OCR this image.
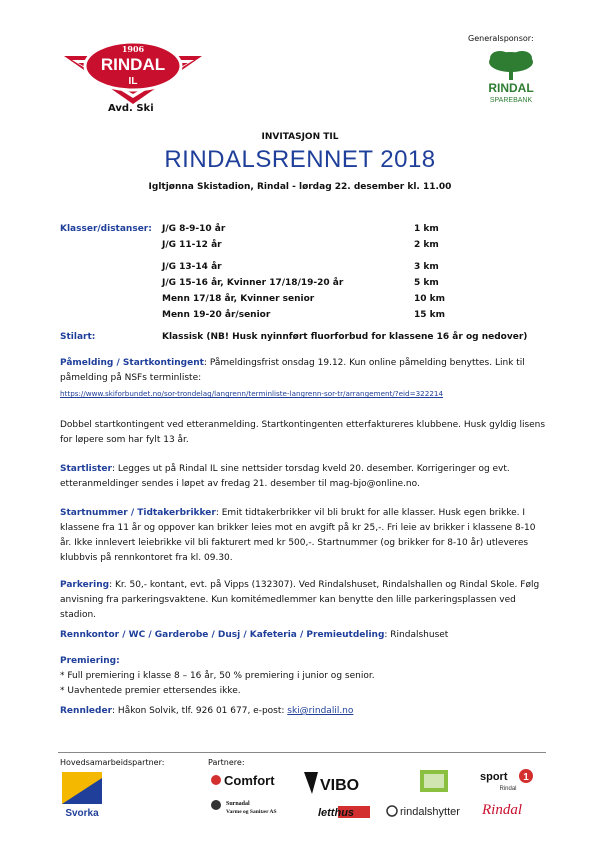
1906
RINDAL
IL
Avd. Ski
Generalsponsor:
RINDAL
SPAREBANK
INVITASJON TIL
RINDALSRENNET 2018
Igltjønna Skistadion, Rindal - lørdag 22. desember kl. 11.00
Klasser/distanser: J/G 8-9-10 år	1 km
J/G 11-12 år	2 km
J/G 13-14 år	3 km
J/G 15-16 år, Kvinner 17/18/19-20 år	5 km
Menn 17/18 år, Kvinner senior	10 km
Menn 19-20 år/senior	15 km
Stilart:	Klassisk (NB! Husk nyinnført fluorforbud for klassene 16 år og nedover)
Påmelding / Startkontingent: Påmeldingsfrist onsdag 19.12. Kun online påmelding benyttes. Link til
påmelding på NSFs terminliste:
https://www.skiforbundet.no/sor-trondelag/langrenn/terminliste-langrenn-sor-tr/arrangement/?eid=322214
Dobbel startkontingent ved etteranmelding. Startkontingenten etterfaktureres klubbene. Husk gyldig lisens for løpere som har fylt 13 år.
Startlister: Legges ut på Rindal IL sine nettsider torsdag kveld 20. desember. Korrigeringer og evt. etteranmeldinger sendes i løpet av fredag 21. desember til mag-bjo@online.no.
Startnummer / Tidtakerbrikker: Emit tidtakerbrikker vil bli brukt for alle klasser. Husk egen brikke. I klassene fra 11 år og oppover kan brikker leies mot en avgift på kr 25,-. Fri leie av brikker i klassene 8-10 år. Ikke innlevert leiebrikke vil bli fakturert med kr 500,-. Startnummer (og brikker for 8-10 år) utleveres klubbvis på rennkontoret fra kl. 09.30.
Parkering: Kr. 50,- kontant, evt. på Vipps (132307). Ved Rindalshuset, Rindalshallen og Rindal Skole. Følg anvisning fra parkeringsvaktene. Kun komitémedlemmer kan benytte den lille parkeringsplassen ved stadion.
Rennkontor / WC / Garderobe / Dusj / Kafeteria / Premieutdeling: Rindalshuset
Premiering:
* Full premiering i klasse 8 – 16 år, 50 % premiering i junior og senior.
* Uavhentede premier ettersendes ikke.
Rennleder: Håkon Solvik, tlf. 926 01 677, e-post: ski@rindalil.no
Hovedsamarbeidspartner:	Partnere:
Svorka
Comfort
Surnadal
Varme og Sanitær AS
VIBO
letthus	rindalshytter
sport 1
Rindal
Rindal
